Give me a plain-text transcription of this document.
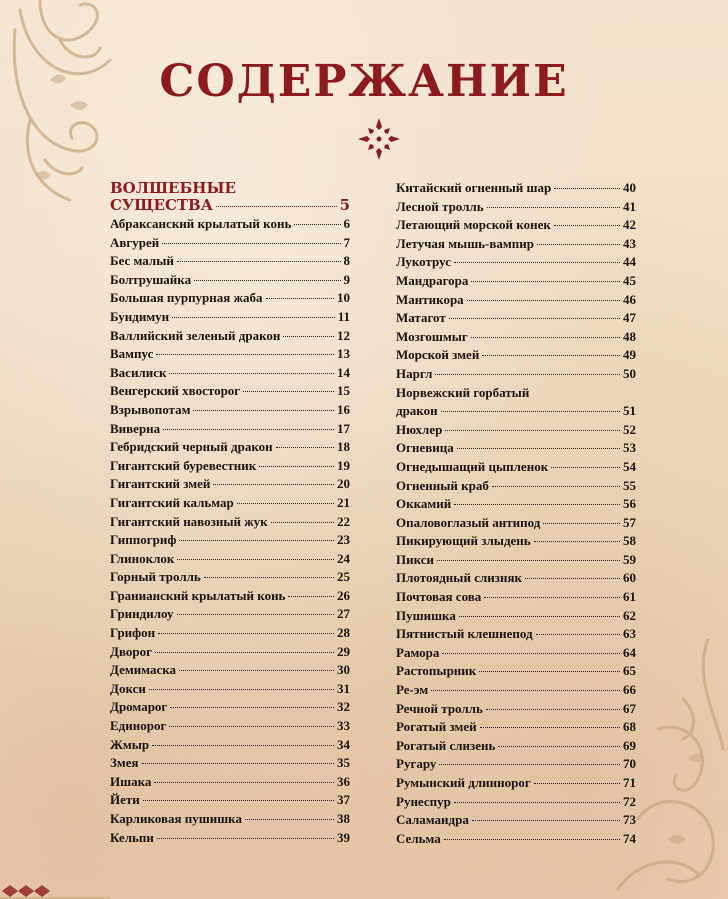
СОДЕРЖАНИЕ
ВОЛШЕБНЫЕ
СУЩЕСТВА	5
Абраксанский крылатый конь	6
Авгурей	7
Бес малый	8
Болтрушайка	9
Большая пурпурная жаба	10
Бундимун	11
Валлийский зеленый дракон	12
Вампус	13
Василиск	14
Венгерский хвосторог	15
Взрывопотам	16
Виверна	17
Гебридский черный дракон	18
Гигантский буревестник	19
Гигантский змей	20
Гигантский кальмар	21
Гигантский навозный жук	22
Гиппогриф	23
Глиноклок	24
Горный тролль	25
Гранианский крылатый конь	26
Гриндилоу	27
Грифон	28
Дворог	29
Демимаска	30
Докси	31
Дромарог	32
Единорог	33
Жмыр	34
Змея	35
Ишака	36
Йети	37
Карликовая пушишка	38
Кельпи	39
Китайский огненный шар	40
Лесной тролль	41
Летающий морской конек	42
Летучая мышь-вампир	43
Лукотрус	44
Мандрагора	45
Мантикора	46
Матагот	47
Мозгошмыг	48
Морской змей	49
Наргл	50
Норвежский горбатый
дракон	51
Нюхлер	52
Огневица	53
Огнедышащий цыпленок	54
Огненный краб	55
Оккамий	56
Опаловоглазый антипод	57
Пикирующий злыдень	58
Пикси	59
Плотоядный слизняк	60
Почтовая сова	61
Пушишка	62
Пятнистый клешнепод	63
Рамора	64
Растопырник	65
Ре-эм	66
Речной тролль	67
Рогатый змей	68
Рогатый слизень	69
Ругару	70
Румынский длиннорог	71
Рунеспур	72
Саламандра	73
Сельма	74
